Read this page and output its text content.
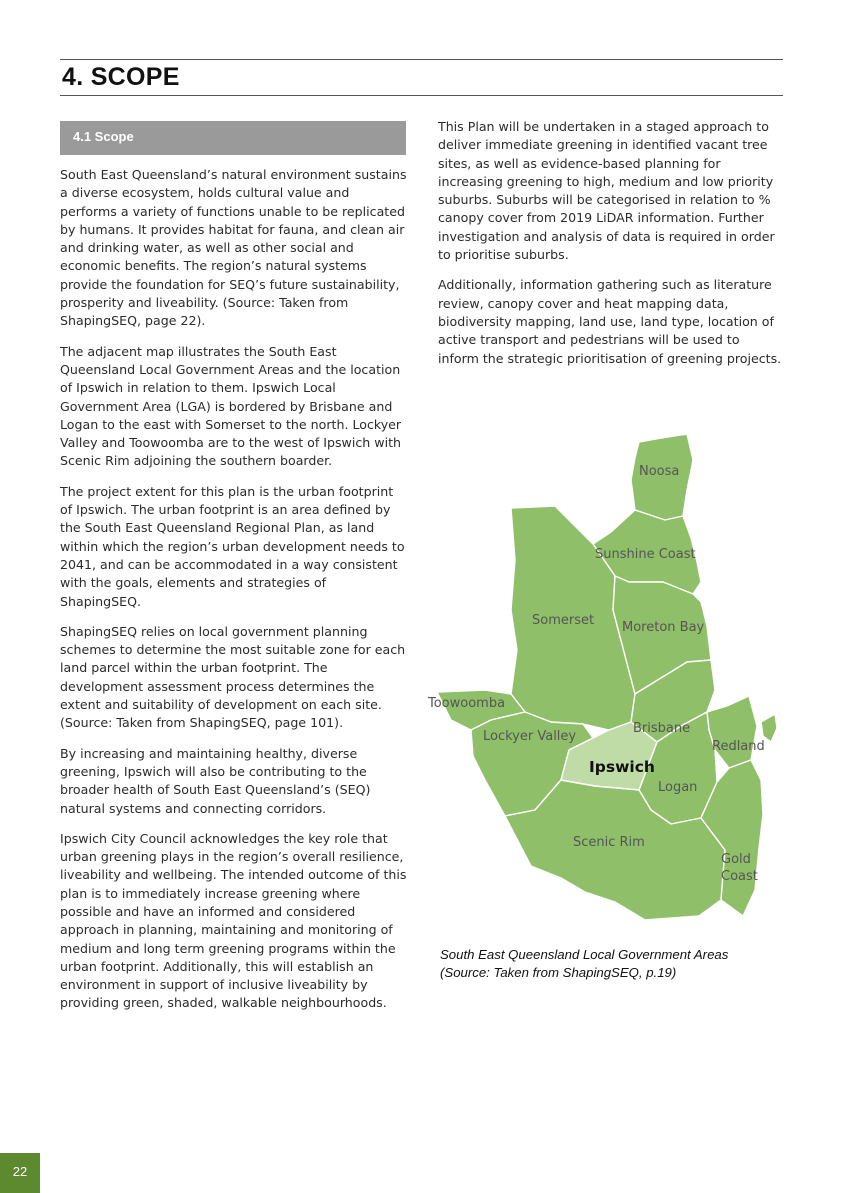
4. SCOPE
4.1 Scope

South East Queensland’s natural environment sustains a diverse ecosystem, holds cultural value and performs a variety of functions unable to be replicated by humans. It provides habitat for fauna, and clean air and drinking water, as well as other social and economic benefits. The region’s natural systems provide the foundation for SEQ’s future sustainability, prosperity and liveability. (Source: Taken from ShapingSEQ, page 22).

The adjacent map illustrates the South East Queensland Local Government Areas and the location of Ipswich in relation to them. Ipswich Local Government Area (LGA) is bordered by Brisbane and Logan to the east with Somerset to the north. Lockyer Valley and Toowoomba are to the west of Ipswich with Scenic Rim adjoining the southern boarder.

The project extent for this plan is the urban footprint of Ipswich. The urban footprint is an area defined by the South East Queensland Regional Plan, as land within which the region’s urban development needs to 2041, and can be accommodated in a way consistent with the goals, elements and strategies of ShapingSEQ.

ShapingSEQ relies on local government planning schemes to determine the most suitable zone for each land parcel within the urban footprint. The development assessment process determines the extent and suitability of development on each site. (Source: Taken from ShapingSEQ, page 101).

By increasing and maintaining healthy, diverse greening, Ipswich will also be contributing to the broader health of South East Queensland’s (SEQ) natural systems and connecting corridors.

Ipswich City Council acknowledges the key role that urban greening plays in the region’s overall resilience, liveability and wellbeing. The intended outcome of this plan is to immediately increase greening where possible and have an informed and considered approach in planning, maintaining and monitoring of medium and long term greening programs within the urban footprint. Additionally, this will establish an environment in support of inclusive liveability by providing green, shaded, walkable neighbourhoods.

This Plan will be undertaken in a staged approach to deliver immediate greening in identified vacant tree sites, as well as evidence-based planning for increasing greening to high, medium and low priority suburbs. Suburbs will be categorised in relation to % canopy cover from 2019 LiDAR information. Further investigation and analysis of data is required in order to prioritise suburbs.

Additionally, information gathering such as literature review, canopy cover and heat mapping data, biodiversity mapping, land use, land type, location of active transport and pedestrians will be used to inform the strategic prioritisation of greening projects.

Noosa
Sunshine Coast
Somerset Moreton Bay
Toowoomba
Lockyer Valley
Brisbane
Redland
Ipswich
Logan
Scenic Rim
Gold
Coast
South East Queensland Local Government Areas
(Source: Taken from ShapingSEQ, p.19)
22
